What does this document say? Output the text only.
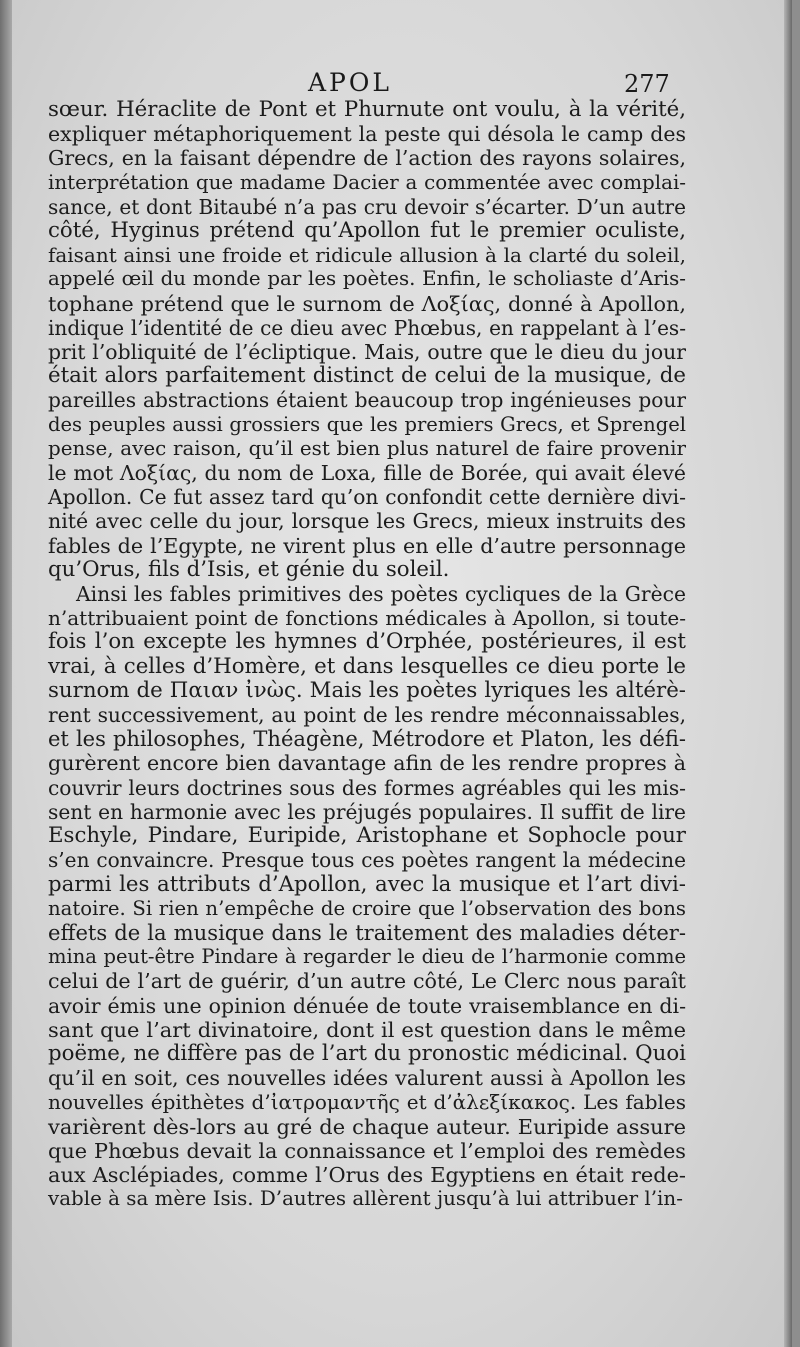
APOL	277
sœur. Héraclite de Pont et Phurnute ont voulu, à la vérité,
expliquer métaphoriquement la peste qui désola le camp des
Grecs, en la faisant dépendre de l’action des rayons solaires,
interprétation que madame Dacier a commentée avec complai-
sance, et dont Bitaubé n’a pas cru devoir s’écarter. D’un autre
côté, Hyginus prétend qu’Apollon fut le premier oculiste,
faisant ainsi une froide et ridicule allusion à la clarté du soleil,
appelé œil du monde par les poètes. Enfin, le scholiaste d’Aris-
tophane prétend que le surnom de Λοξίας, donné à Apollon,
indique l’identité de ce dieu avec Phœbus, en rappelant à l’es-
prit l’obliquité de l’écliptique. Mais, outre que le dieu du jour
était alors parfaitement distinct de celui de la musique, de
pareilles abstractions étaient beaucoup trop ingénieuses pour
des peuples aussi grossiers que les premiers Grecs, et Sprengel
pense, avec raison, qu’il est bien plus naturel de faire provenir
le mot Λοξίας, du nom de Loxa, fille de Borée, qui avait élevé
Apollon. Ce fut assez tard qu’on confondit cette dernière divi-
nité avec celle du jour, lorsque les Grecs, mieux instruits des
fables de l’Egypte, ne virent plus en elle d’autre personnage
qu’Orus, fils d’Isis, et génie du soleil.
Ainsi les fables primitives des poètes cycliques de la Grèce
n’attribuaient point de fonctions médicales à Apollon, si toute-
fois l’on excepte les hymnes d’Orphée, postérieures, il est
vrai, à celles d’Homère, et dans lesquelles ce dieu porte le
surnom de Παιαν ἰνὼς. Mais les poètes lyriques les altérè-
rent successivement, au point de les rendre méconnaissables,
et les philosophes, Théagène, Métrodore et Platon, les défi-
gurèrent encore bien davantage afin de les rendre propres à
couvrir leurs doctrines sous des formes agréables qui les mis-
sent en harmonie avec les préjugés populaires. Il suffit de lire
Eschyle, Pindare, Euripide, Aristophane et Sophocle pour
s’en convaincre. Presque tous ces poètes rangent la médecine
parmi les attributs d’Apollon, avec la musique et l’art divi-
natoire. Si rien n’empêche de croire que l’observation des bons
effets de la musique dans le traitement des maladies déter-
mina peut-être Pindare à regarder le dieu de l’harmonie comme
celui de l’art de guérir, d’un autre côté, Le Clerc nous paraît
avoir émis une opinion dénuée de toute vraisemblance en di-
sant que l’art divinatoire, dont il est question dans le même
poëme, ne diffère pas de l’art du pronostic médicinal. Quoi
qu’il en soit, ces nouvelles idées valurent aussi à Apollon les
nouvelles épithètes d’ἰατρομαντῆς et d’ἀλεξίκακος. Les fables
varièrent dès-lors au gré de chaque auteur. Euripide assure
que Phœbus devait la connaissance et l’emploi des remèdes
aux Asclépiades, comme l’Orus des Egyptiens en était rede-
vable à sa mère Isis. D’autres allèrent jusqu’à lui attribuer l’in-
